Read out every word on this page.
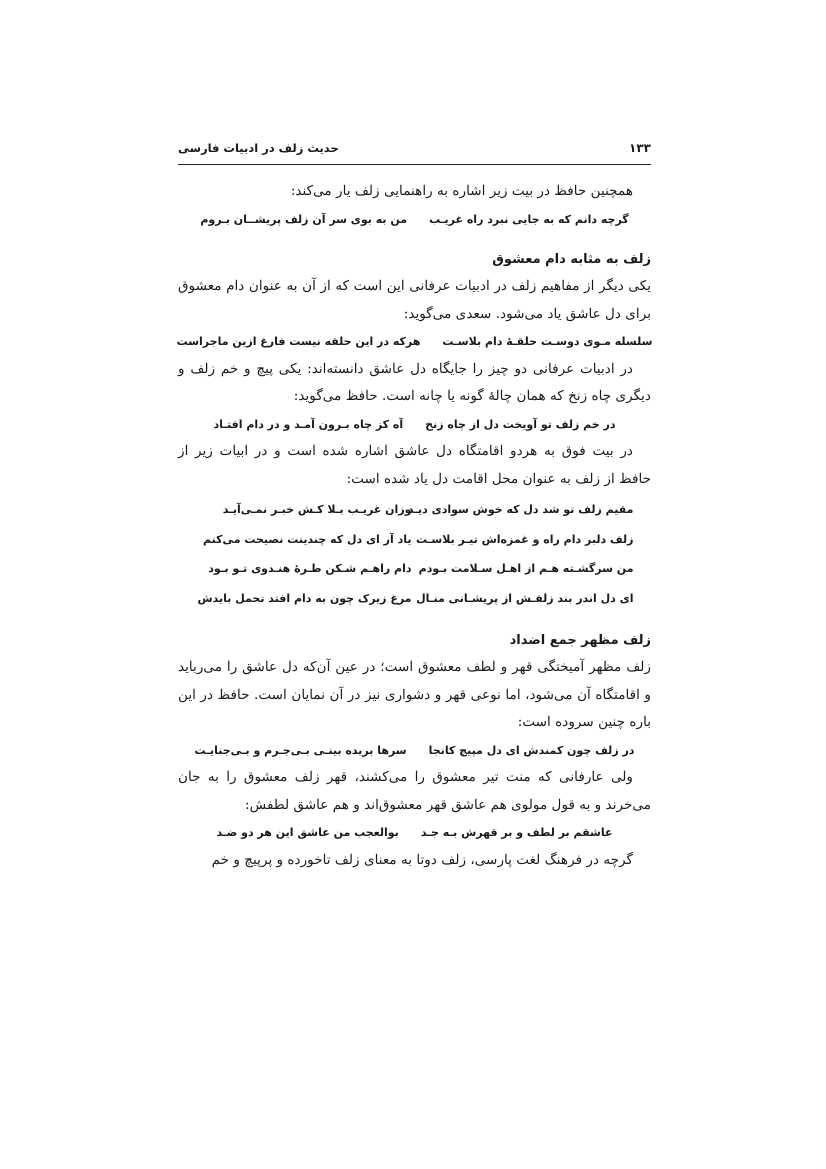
۱۳۳
حدیث زلف در ادبیات فارسی

همچنین حافظ در بیت زیر اشاره به راهنمایی زلف یار می‌کند:

گرچه دانم که به جایی نبرد راه غریـب
من به بوی سر آن زلف پریشــان بـروم
زلف به مثابه دام معشوق

یکی دیگر از مفاهیم زلف در ادبیات عرفانی این است که از آن به عنوان دام معشوق برای دل عاشق یاد می‌شود. سعدی می‌گوید:

سلسله مـوی دوسـت حلقـهٔ دام بلاسـت
هرکه در این حلقه نیست فارغ ازین ماجراست

در ادبیات عرفانی دو چیز را جایگاه دل عاشق دانسته‌اند: یکی پیچ و خم زلف و دیگری چاه زنخ که همان چالهٔ گونه یا چانه است. حافظ می‌گوید:

در خم زلف تو آویخت دل از چاه زنخ
آه کز چاه بـرون آمـد و در دام افتـاد

در بیت فوق به هردو اقامتگاه دل عاشق اشاره شده است و در ابیات زیر از حافظ از زلف به عنوان محل اقامت دل یاد شده است:

مقیم زلف تو شد دل که خوش سوادی دیـد
وزان غریـب بـلا کـش خبـر نمـی‌آیـد
زلف دلبر دام راه و غمزه‌اش تیـر بلاسـت
یاد آر ای دل که چندینت نصیحت می‌کنم
من سرگشـته هـم از اهـل سـلامت بـودم
دام راهـم شـکن طـرهٔ هنـدوی تـو بـود
ای دل اندر بند زلفـش از پریشـانی منـال
مرغ زیرک چون به دام افتد تحمل بایدش
زلف مظهر جمع اضداد

زلف مظهر آمیختگی قهر و لطف معشوق است؛ در عین آن‌که دل عاشق را می‌رباید و اقامتگاه آن می‌شود، اما نوعی قهر و دشواری نیز در آن نمایان است. حافظ در این باره چنین سروده است:

در زلف چون کمندش ای دل مپیچ کانجا
سرها بریده بینـی بـی‌جـرم و بـی‌جنایـت

ولی عارفانی که منت تیر معشوق را می‌کشند، قهر زلف معشوق را به جان می‌خرند و به قول مولوی هم عاشق قهر معشوق‌اند و هم عاشق لطفش:

عاشقم بر لطف و بر قهرش بـه جـد
بوالعجب من عاشق این هر دو ضـد

گرچه در فرهنگ لغت پارسی، زلف دوتا به معنای زلف تاخورده و پرپیچ و خم
